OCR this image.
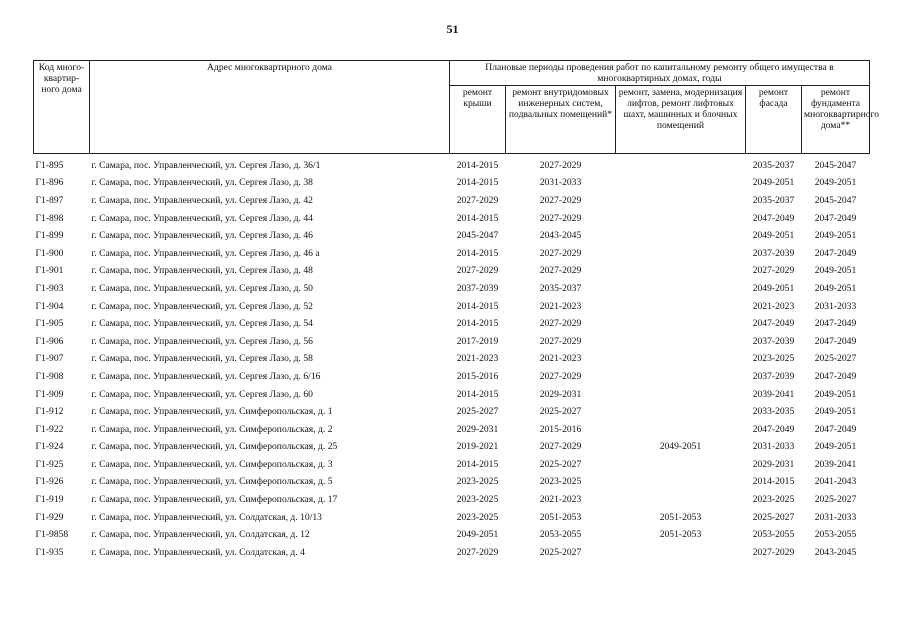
51
Код много-квартир-ного дома	Адрес многоквартирного дома	Плановые периоды проведения работ по капитальному ремонту общего имущества в многоквартирных домах, годы				
		ремонт крыши	ремонт внутридомовых инженерных систем, подвальных помещений*	ремонт, замена, модернизация лифтов, ремонт лифтовых шахт, машинных и блочных помещений	ремонт фасада	ремонт фундамента многоквартирного дома**
Г1-895	г. Самара, пос. Управленческий, ул. Сергея Лазо, д. 36/1	2014-2015	2027-2029		2035-2037	2045-2047
Г1-896	г. Самара, пос. Управленческий, ул. Сергея Лазо, д. 38	2014-2015	2031-2033		2049-2051	2049-2051
Г1-897	г. Самара, пос. Управленческий, ул. Сергея Лазо, д. 42	2027-2029	2027-2029		2035-2037	2045-2047
Г1-898	г. Самара, пос. Управленческий, ул. Сергея Лазо, д. 44	2014-2015	2027-2029		2047-2049	2047-2049
Г1-899	г. Самара, пос. Управленческий, ул. Сергея Лазо, д. 46	2045-2047	2043-2045		2049-2051	2049-2051
Г1-900	г. Самара, пос. Управленческий, ул. Сергея Лазо, д. 46 а	2014-2015	2027-2029		2037-2039	2047-2049
Г1-901	г. Самара, пос. Управленческий, ул. Сергея Лазо, д. 48	2027-2029	2027-2029		2027-2029	2049-2051
Г1-903	г. Самара, пос. Управленческий, ул. Сергея Лазо, д. 50	2037-2039	2035-2037		2049-2051	2049-2051
Г1-904	г. Самара, пос. Управленческий, ул. Сергея Лазо, д. 52	2014-2015	2021-2023		2021-2023	2031-2033
Г1-905	г. Самара, пос. Управленческий, ул. Сергея Лазо, д. 54	2014-2015	2027-2029		2047-2049	2047-2049
Г1-906	г. Самара, пос. Управленческий, ул. Сергея Лазо, д. 56	2017-2019	2027-2029		2037-2039	2047-2049
Г1-907	г. Самара, пос. Управленческий, ул. Сергея Лазо, д. 58	2021-2023	2021-2023		2023-2025	2025-2027
Г1-908	г. Самара, пос. Управленческий, ул. Сергея Лазо, д. 6/16	2015-2016	2027-2029		2037-2039	2047-2049
Г1-909	г. Самара, пос. Управленческий, ул. Сергея Лазо, д. 60	2014-2015	2029-2031		2039-2041	2049-2051
Г1-912	г. Самара, пос. Управленческий, ул. Симферопольская, д. 1	2025-2027	2025-2027		2033-2035	2049-2051
Г1-922	г. Самара, пос. Управленческий, ул. Симферопольская, д. 2	2029-2031	2015-2016		2047-2049	2047-2049
Г1-924	г. Самара, пос. Управленческий, ул. Симферопольская, д. 25	2019-2021	2027-2029	2049-2051	2031-2033	2049-2051
Г1-925	г. Самара, пос. Управленческий, ул. Симферопольская, д. 3	2014-2015	2025-2027		2029-2031	2039-2041
Г1-926	г. Самара, пос. Управленческий, ул. Симферопольская, д. 5	2023-2025	2023-2025		2014-2015	2041-2043
Г1-919	г. Самара, пос. Управленческий, ул. Симферопольская, д. 17	2023-2025	2021-2023		2023-2025	2025-2027
Г1-929	г. Самара, пос. Управленческий, ул. Солдатская, д. 10/13	2023-2025	2051-2053	2051-2053	2025-2027	2031-2033
Г1-9858	г. Самара, пос. Управленческий, ул. Солдатская, д. 12	2049-2051	2053-2055	2051-2053	2053-2055	2053-2055
Г1-935	г. Самара, пос. Управленческий, ул. Солдатская, д. 4	2027-2029	2025-2027		2027-2029	2043-2045
